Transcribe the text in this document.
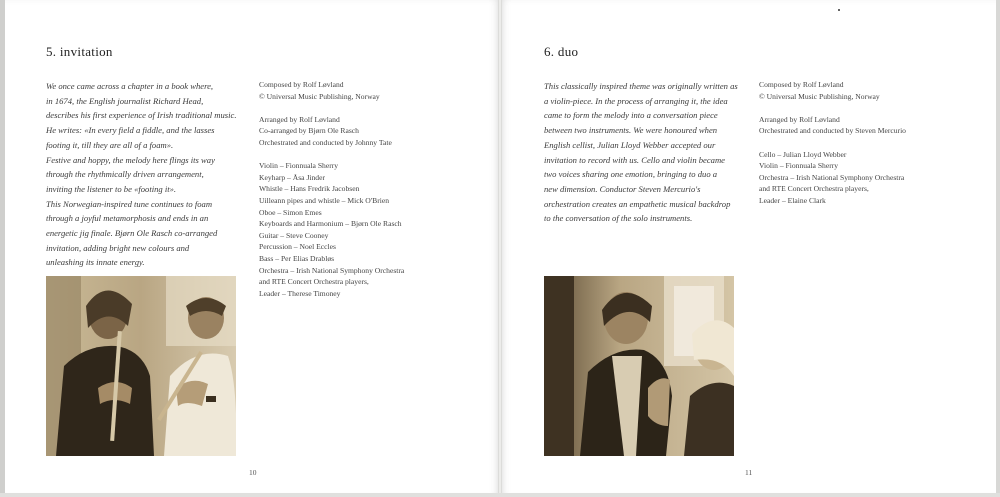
5. invitation

We once came across a chapter in a book where,

in 1674, the English journalist Richard Head,

describes his first experience of Irish traditional music.

He writes: «In every field a fiddle, and the lasses

footing it, till they are all of a foam».

Festive and hoppy, the melody here flings its way

through the rhythmically driven arrangement,

inviting the listener to be «footing it».

This Norwegian-inspired tune continues to foam

through a joyful metamorphosis and ends in an

energetic jig finale. Bjørn Ole Rasch co-arranged

invitation, adding bright new colours and

unleashing its innate energy.

Composed by Rolf Løvland
© Universal Music Publishing, Norway
Arranged by Rolf Løvland
Co-arranged by Bjørn Ole Rasch
Orchestrated and conducted by Johnny Tate
Violin – Fionnuala Sherry
Keyharp – Åsa Jinder
Whistle – Hans Fredrik Jacobsen
Uilleann pipes and whistle – Mick O'Brien
Oboe – Simon Emes
Keyboards and Harmonium – Bjørn Ole Rasch
Guitar – Steve Cooney
Percussion – Noel Eccles
Bass – Per Elias Drabløs
Orchestra – Irish National Symphony Orchestra
and RTE Concert Orchestra players,
Leader – Therese Timoney
10
6. duo

This classically inspired theme was originally written as

a violin-piece. In the process of arranging it, the idea

came to form the melody into a conversation piece

between two instruments. We were honoured when

English cellist, Julian Lloyd Webber accepted our

invitation to record with us. Cello and violin became

two voices sharing one emotion, bringing to duo a

new dimension. Conductor Steven Mercurio's

orchestration creates an empathetic musical backdrop

to the conversation of the solo instruments.

Composed by Rolf Løvland
© Universal Music Publishing, Norway
Arranged by Rolf Løvland
Orchestrated and conducted by Steven Mercurio
Cello – Julian Lloyd Webber
Violin – Fionnuala Sherry
Orchestra – Irish National Symphony Orchestra
and RTE Concert Orchestra players,
Leader – Elaine Clark
11
